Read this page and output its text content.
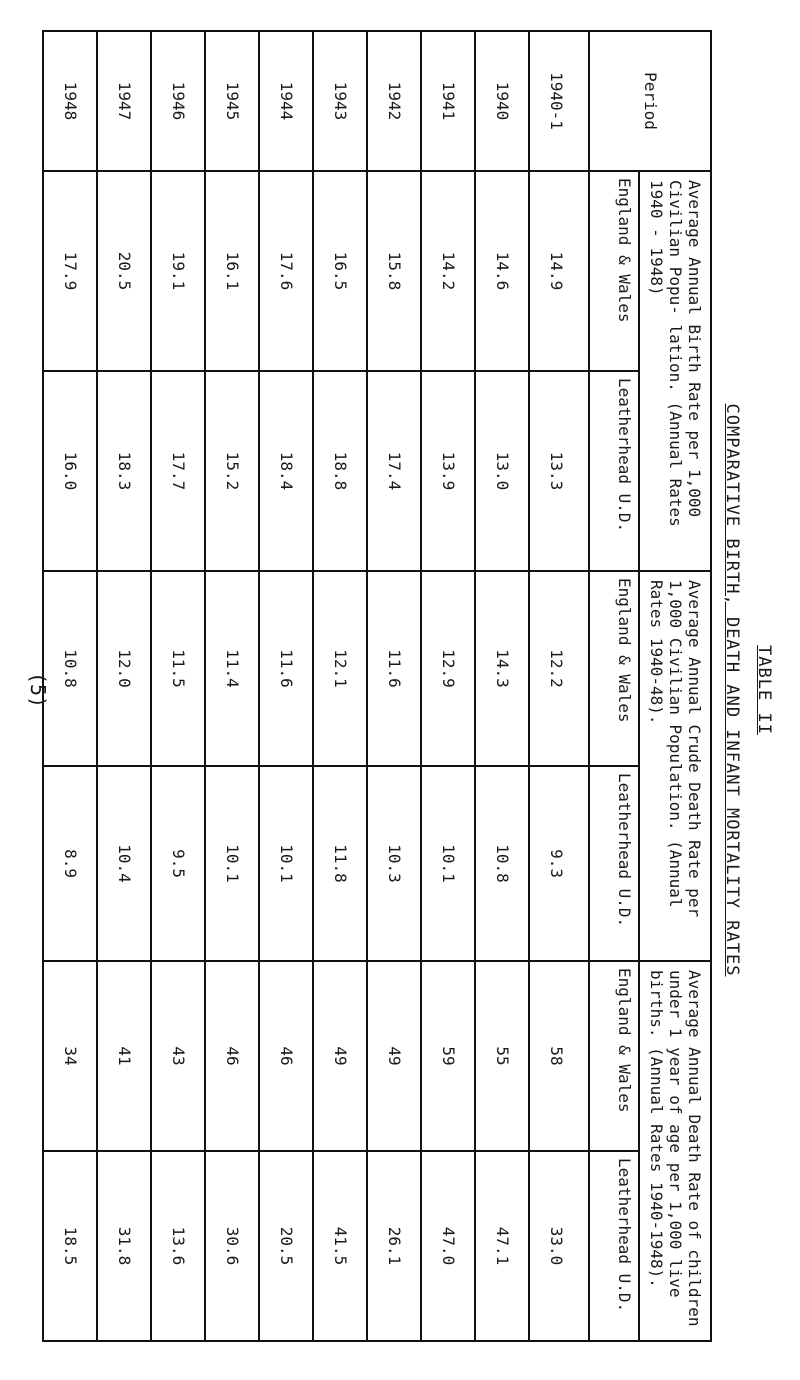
TABLE II
COMPARATIVE BIRTH, DEATH AND INFANT MORTALITY RATES
Period	Average Annual Birth Rate per 1,000 Civilian Popu- lation. (Annual Rates 1940 - 1948)		Average Annual Crude Death Rate per 1,000 Civilian Population. (Annual Rates 1940-48).		Average Annual Death Rate of children under 1 year of age per 1,000 live births. (Annual Rates 1940-1948).	
	England & Wales	Leatherhead U.D.	England & Wales	Leatherhead U.D.	England & Wales	Leatherhead U.D.
1940-1	14.9	13.3	12.2	9.3	58	33.0
1940	14.6	13.0	14.3	10.8	55	47.1
1941	14.2	13.9	12.9	10.1	59	47.0
1942	15.8	17.4	11.6	10.3	49	26.1
1943	16.5	18.8	12.1	11.8	49	41.5
1944	17.6	18.4	11.6	10.1	46	20.5
1945	16.1	15.2	11.4	10.1	46	30.6
1946	19.1	17.7	11.5	9.5	43	13.6
1947	20.5	18.3	12.0	10.4	41	31.8
1948	17.9	16.0	10.8	8.9	34	18.5
(5)
